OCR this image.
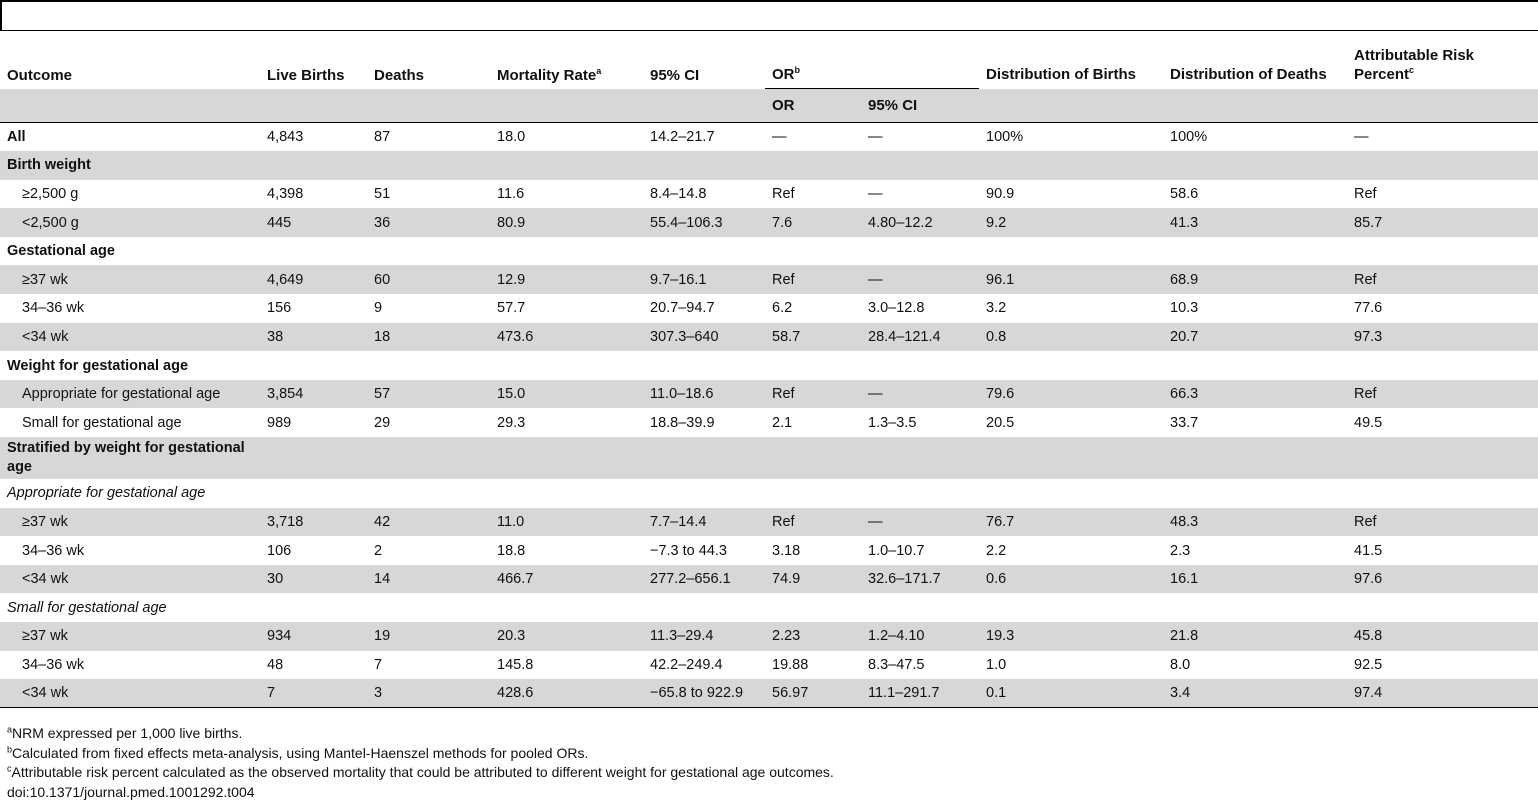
Outcome	Live Births	Deaths	Mortality Rate$^a$	95% CI	$OR^b$		Distribution of Births	Distribution of Deaths	Attributable Risk Percent$^c$
					OR	95% CI			
All	4,843	87	18.0	14.2–21.7	—	—	100%	100%	—
Birth weight									
≥2,500 g	4,398	51	11.6	8.4–14.8	Ref	—	90.9	58.6	Ref
<2,500 g	445	36	80.9	55.4–106.3	7.6	4.80–12.2	9.2	41.3	85.7
Gestational age									
≥37 wk	4,649	60	12.9	9.7–16.1	Ref	—	96.1	68.9	Ref
34–36 wk	156	9	57.7	20.7–94.7	6.2	3.0–12.8	3.2	10.3	77.6
<34 wk	38	18	473.6	307.3–640	58.7	28.4–121.4	0.8	20.7	97.3
Weight for gestational age									
Appropriate for gestational age	3,854	57	15.0	11.0–18.6	Ref	—	79.6	66.3	Ref
Small for gestational age	989	29	29.3	18.8–39.9	2.1	1.3–3.5	20.5	33.7	49.5
Stratified by weight for gestational age									
Appropriate for gestational age									
≥37 wk	3,718	42	11.0	7.7–14.4	Ref	—	76.7	48.3	Ref
34–36 wk	106	2	18.8	−7.3 to 44.3	3.18	1.0–10.7	2.2	2.3	41.5
<34 wk	30	14	466.7	277.2–656.1	74.9	32.6–171.7	0.6	16.1	97.6
Small for gestational age									
≥37 wk	934	19	20.3	11.3–29.4	2.23	1.2–4.10	19.3	21.8	45.8
34–36 wk	48	7	145.8	42.2–249.4	19.88	8.3–47.5	1.0	8.0	92.5
<34 wk	7	3	428.6	−65.8 to 922.9	56.97	11.1–291.7	0.1	3.4	97.4
$^a$NRM expressed per 1,000 live births.
$^b$Calculated from fixed effects meta-analysis, using Mantel-Haenszel methods for pooled ORs.
$^c$Attributable risk percent calculated as the observed mortality that could be attributed to different weight for gestational age outcomes.
doi:10.1371/journal.pmed.1001292.t004
